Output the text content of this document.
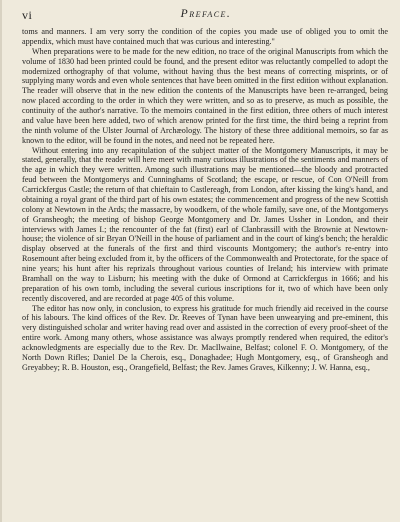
vi	Preface.

toms and manners. I am very sorry the condition of the copies you made use of obliged you to omit the appendix, which must have contained much that was curious and interesting."

When preparations were to be made for the new edition, no trace of the original Manuscripts from which the volume of 1830 had been printed could be found, and the present editor was reluctantly compelled to adopt the modernized orthography of that volume, without having thus the best means of correcting misprints, or of supplying many words and even whole sentences that have been omitted in the first edition without explanation. The reader will observe that in the new edition the contents of the Manuscripts have been re-arranged, being now placed according to the order in which they were written, and so as to preserve, as much as possible, the continuity of the author's narrative. To the memoirs contained in the first edition, three others of much interest and value have been here added, two of which arenow printed for the first time, the third being a reprint from the ninth volume of the Ulster Journal of Archæology. The history of these three additional memoirs, so far as known to the editor, will be found in the notes, and need not be repeated here.

Without entering into any recapitulation of the subject matter of the Montgomery Manuscripts, it may be stated, generally, that the reader will here meet with many curious illustrations of the sentiments and manners of the age in which they were written. Among such illustrations may be mentioned—the bloody and protracted feud between the Montgomerys and Cunninghams of Scotland; the escape, or rescue, of Con O'Neill from Carrickfergus Castle; the return of that chieftain to Castlereagh, from London, after kissing the king's hand, and obtaining a royal grant of the third part of his own estates; the commencement and progress of the new Scottish colony at Newtown in the Ards; the massacre, by woodkern, of the whole family, save one, of the Montgomerys of Gransheogh; the meeting of bishop George Montgomery and Dr. James Ussher in London, and their interviews with James I.; the rencounter of the fat (first) earl of Clanbrassill with the Brownie at Newtown-house; the violence of sir Bryan O'Neill in the house of parliament and in the court of king's bench; the heraldic display observed at the funerals of the first and third viscounts Montgomery; the author's re-entry into Rosemount after being excluded from it, by the officers of the Commonwealth and Protectorate, for the space of nine years; his hunt after his reprizals throughout various counties of Ireland; his interview with primate Bramhall on the way to Lisburn; his meeting with the duke of Ormond at Carrickfergus in 1666; and his preparation of his own tomb, including the several curious inscriptions for it, two of which have been only recently discovered, and are recorded at page 405 of this volume.

The editor has now only, in conclusion, to express his gratitude for much friendly aid received in the course of his labours. The kind offices of the Rev. Dr. Reeves of Tynan have been unwearying and pre-eminent, this very distinguished scholar and writer having read over and assisted in the correction of every proof-sheet of the entire work. Among many others, whose assistance was always promptly rendered when required, the editor's acknowledgments are especially due to the Rev. Dr. MacIlwaine, Belfast; colonel F. O. Montgomery, of the North Down Rifles; Daniel De la Cherois, esq., Donaghadee; Hugh Montgomery, esq., of Gransheogh and Greyabbey; R. B. Houston, esq., Orangefield, Belfast; the Rev. James Graves, Kilkenny; J. W. Hanna, esq.,
